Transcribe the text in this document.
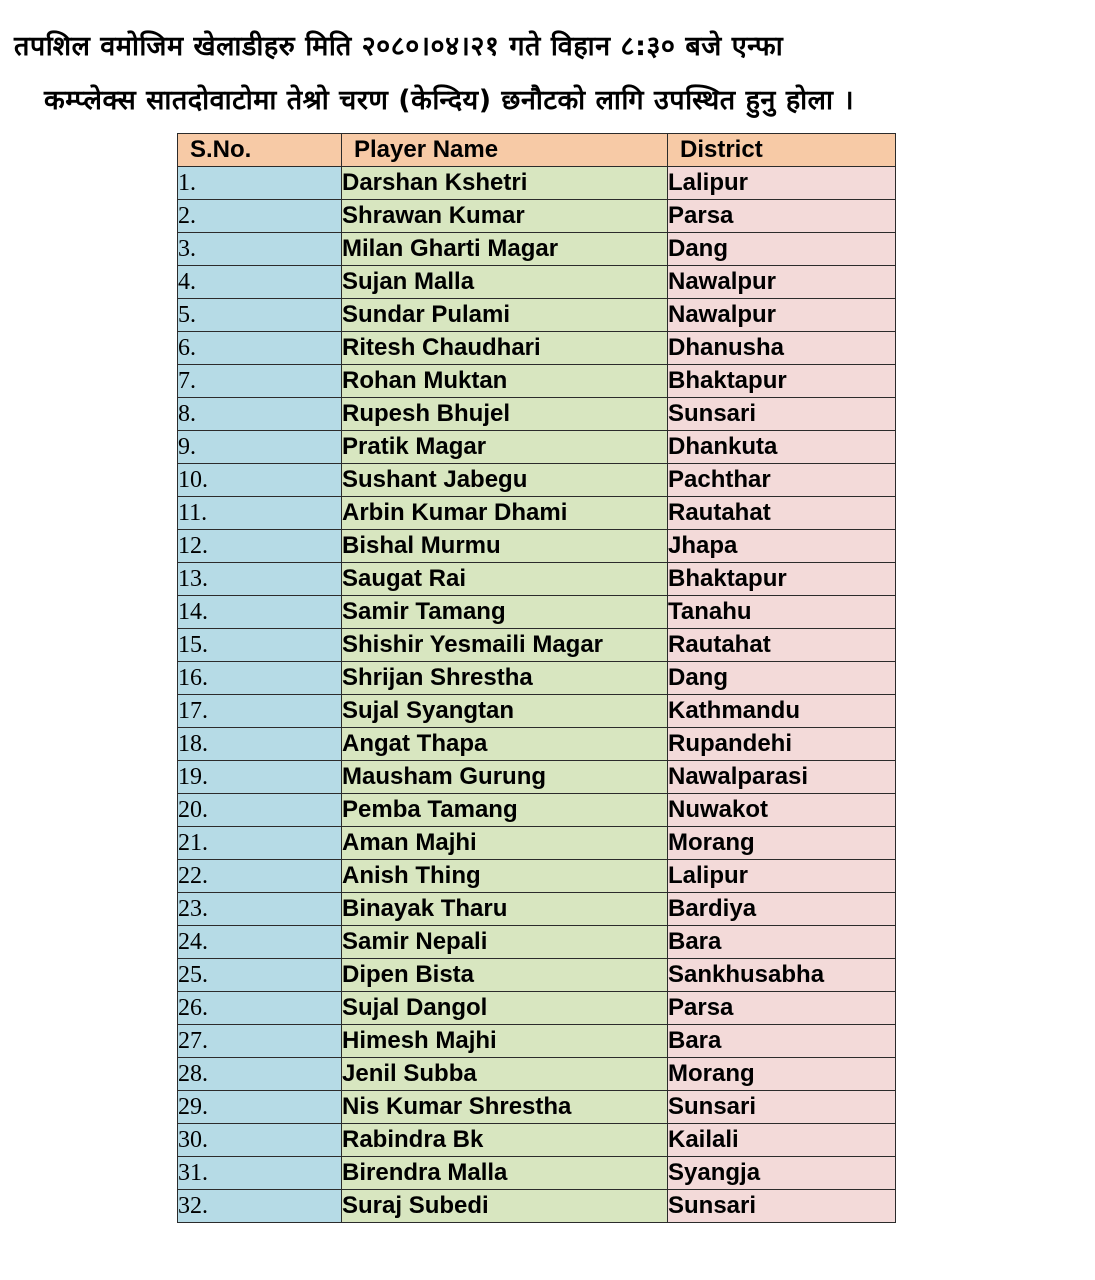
तपशिल वमोजिम खेलाडीहरु मिति २०८०।०४।२१ गते विहान ८:३० बजे एन्फा
कम्प्लेक्स सातदोवाटोमा तेश्रो चरण (केन्दिय) छनौटको लागि उपस्थित हुनु होला ।
S.No.	Player Name	District
1.	Darshan Kshetri	Lalipur
2.	Shrawan Kumar	Parsa
3.	Milan Gharti Magar	Dang
4.	Sujan Malla	Nawalpur
5.	Sundar Pulami	Nawalpur
6.	Ritesh Chaudhari	Dhanusha
7.	Rohan Muktan	Bhaktapur
8.	Rupesh Bhujel	Sunsari
9.	Pratik Magar	Dhankuta
10.	Sushant Jabegu	Pachthar
11.	Arbin Kumar Dhami	Rautahat
12.	Bishal Murmu	Jhapa
13.	Saugat Rai	Bhaktapur
14.	Samir Tamang	Tanahu
15.	Shishir Yesmaili Magar	Rautahat
16.	Shrijan Shrestha	Dang
17.	Sujal Syangtan	Kathmandu
18.	Angat Thapa	Rupandehi
19.	Mausham Gurung	Nawalparasi
20.	Pemba Tamang	Nuwakot
21.	Aman Majhi	Morang
22.	Anish Thing	Lalipur
23.	Binayak Tharu	Bardiya
24.	Samir Nepali	Bara
25.	Dipen Bista	Sankhusabha
26.	Sujal Dangol	Parsa
27.	Himesh Majhi	Bara
28.	Jenil Subba	Morang
29.	Nis Kumar Shrestha	Sunsari
30.	Rabindra Bk	Kailali
31.	Birendra Malla	Syangja
32.	Suraj Subedi	Sunsari
